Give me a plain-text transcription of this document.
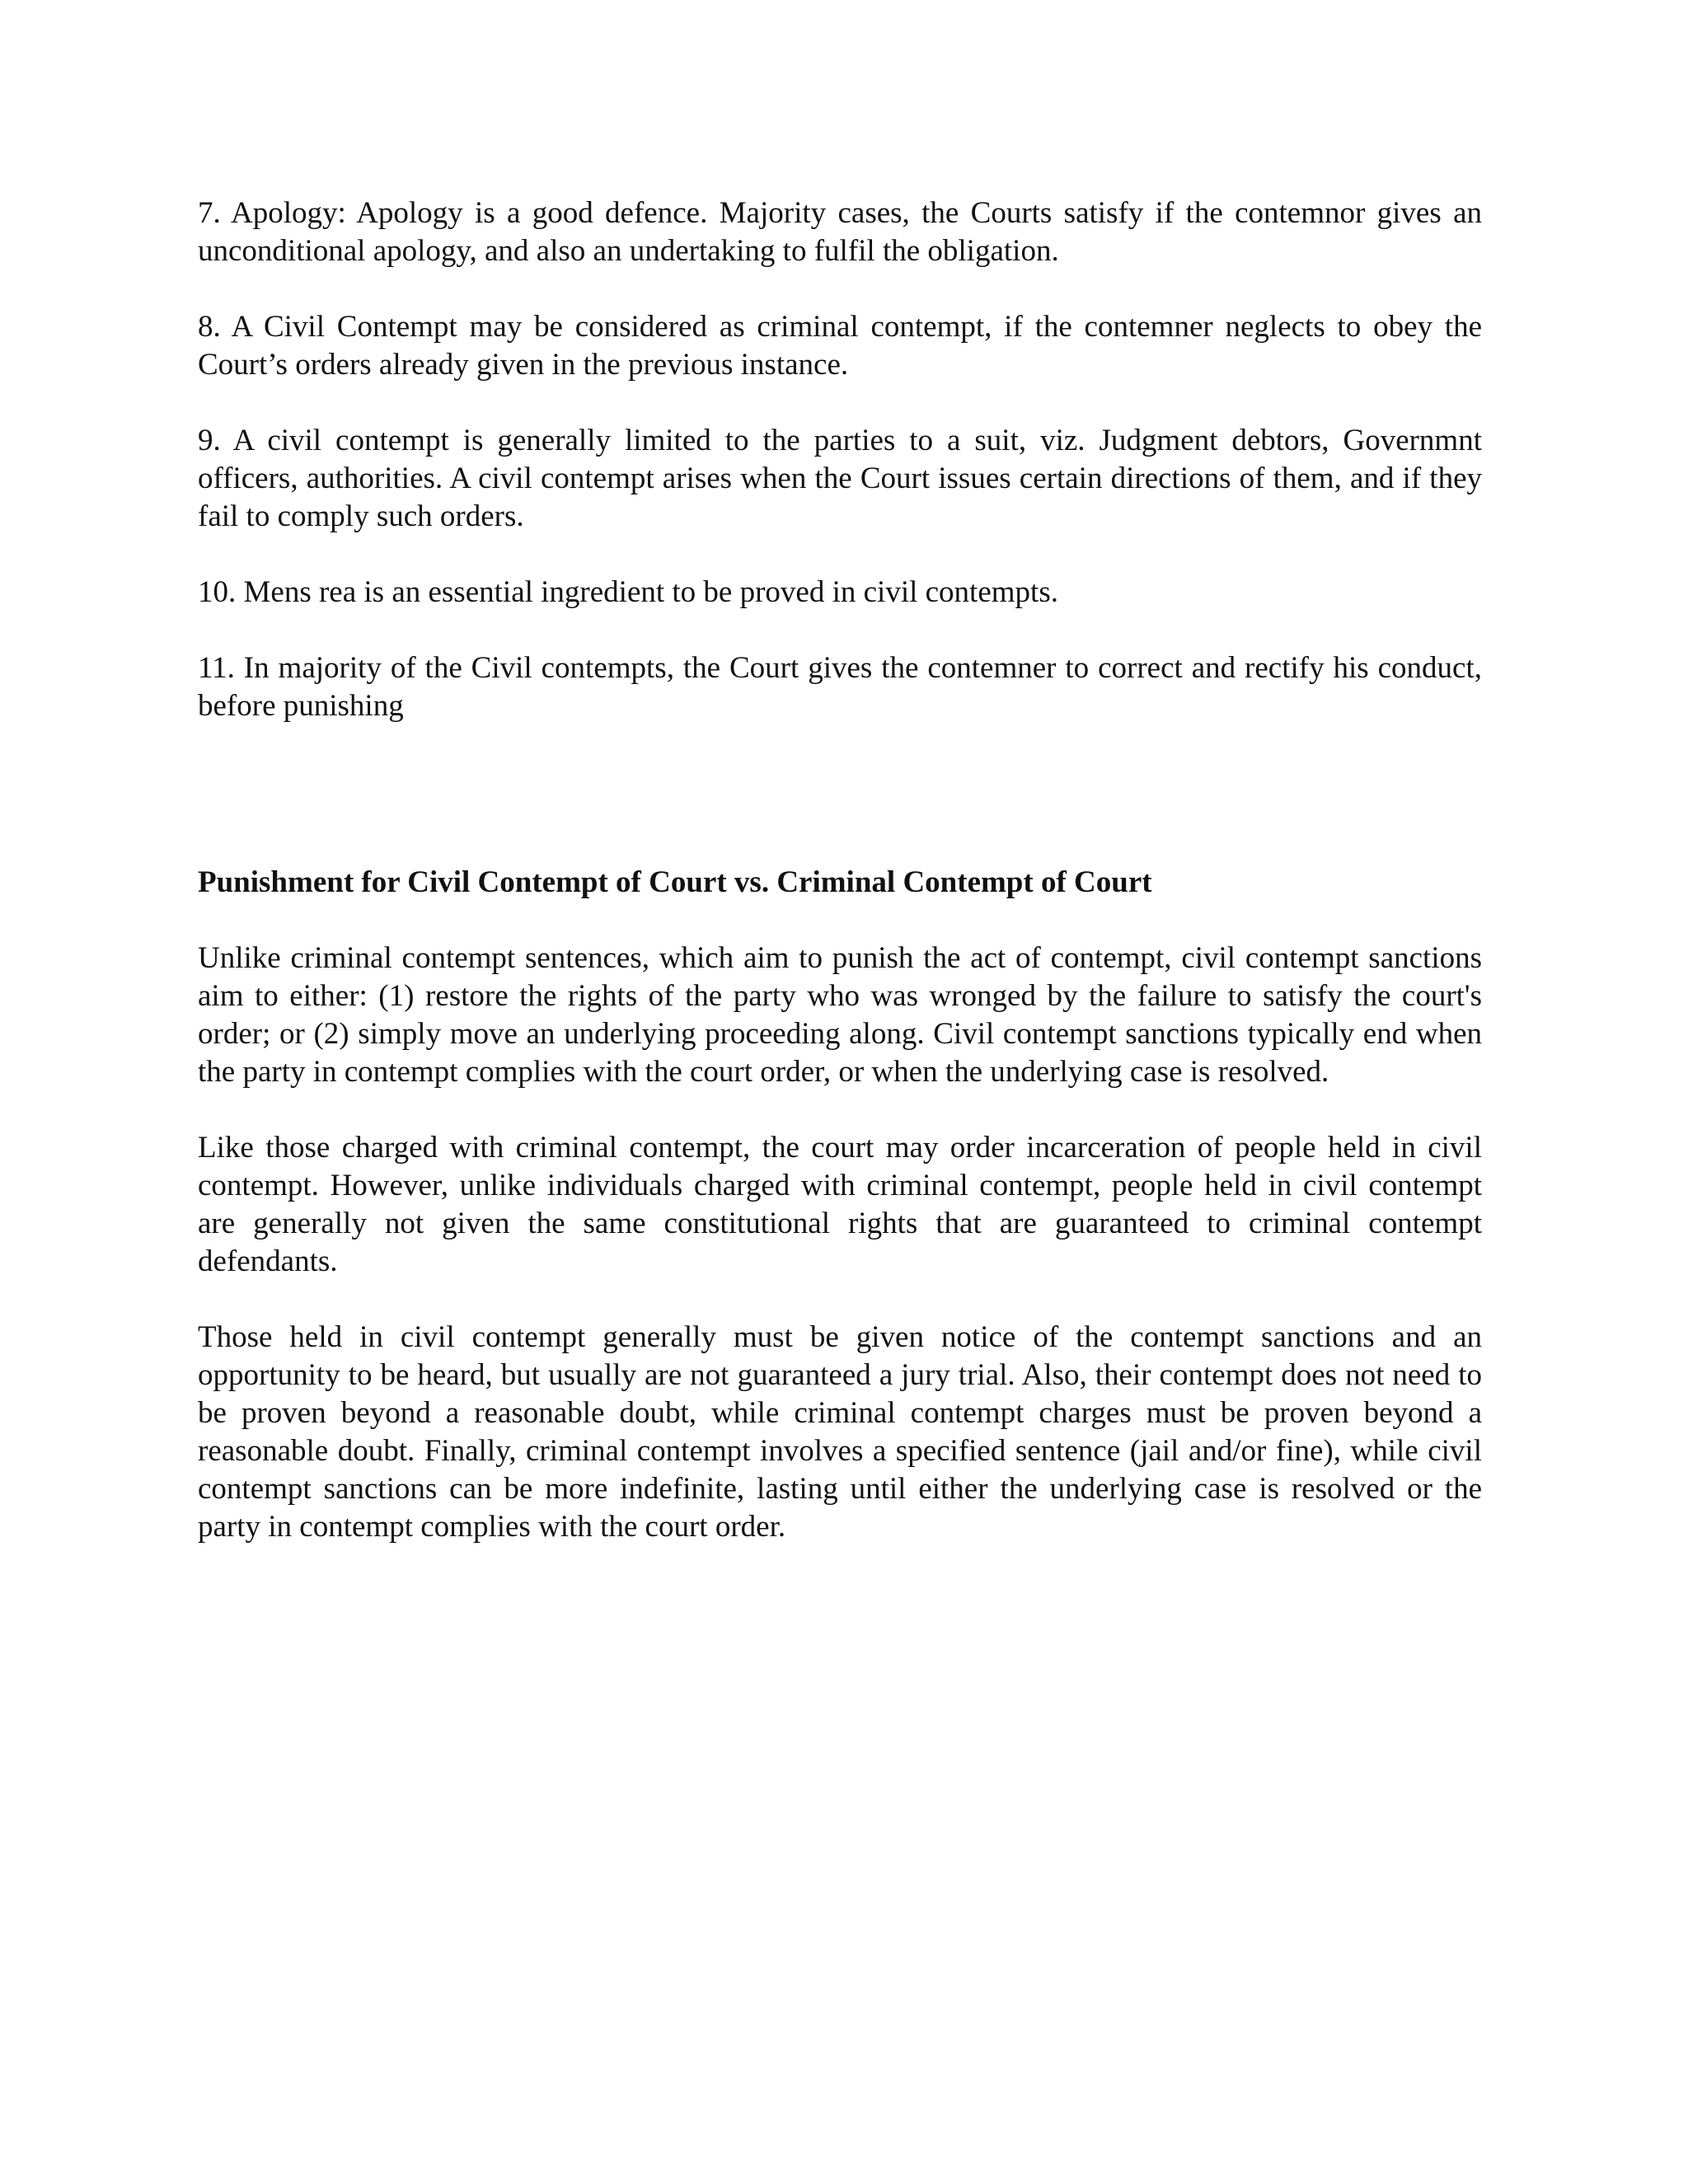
7. Apology: Apology is a good defence. Majority cases, the Courts satisfy if the contemnor gives an unconditional apology, and also an undertaking to fulfil the obligation.

8. A Civil Contempt may be considered as criminal contempt, if the contemner neglects to obey the Court’s orders already given in the previous instance.

9. A civil contempt is generally limited to the parties to a suit, viz. Judgment debtors, Governmnt officers, authorities. A civil contempt arises when the Court issues certain directions of them, and if they fail to comply such orders.

10. Mens rea is an essential ingredient to be proved in civil contempts.

11. In majority of the Civil contempts, the Court gives the contemner to correct and rectify his conduct, before punishing

Punishment for Civil Contempt of Court vs. Criminal Contempt of Court

Unlike criminal contempt sentences, which aim to punish the act of contempt, civil contempt sanctions aim to either: (1) restore the rights of the party who was wronged by the failure to satisfy the court's order; or (2) simply move an underlying proceeding along. Civil contempt sanctions typically end when the party in contempt complies with the court order, or when the underlying case is resolved.

Like those charged with criminal contempt, the court may order incarceration of people held in civil contempt. However, unlike individuals charged with criminal contempt, people held in civil contempt are generally not given the same constitutional rights that are guaranteed to criminal contempt defendants.

Those held in civil contempt generally must be given notice of the contempt sanctions and an opportunity to be heard, but usually are not guaranteed a jury trial. Also, their contempt does not need to be proven beyond a reasonable doubt, while criminal contempt charges must be proven beyond a reasonable doubt. Finally, criminal contempt involves a specified sentence (jail and/or fine), while civil contempt sanctions can be more indefinite, lasting until either the underlying case is resolved or the party in contempt complies with the court order.
